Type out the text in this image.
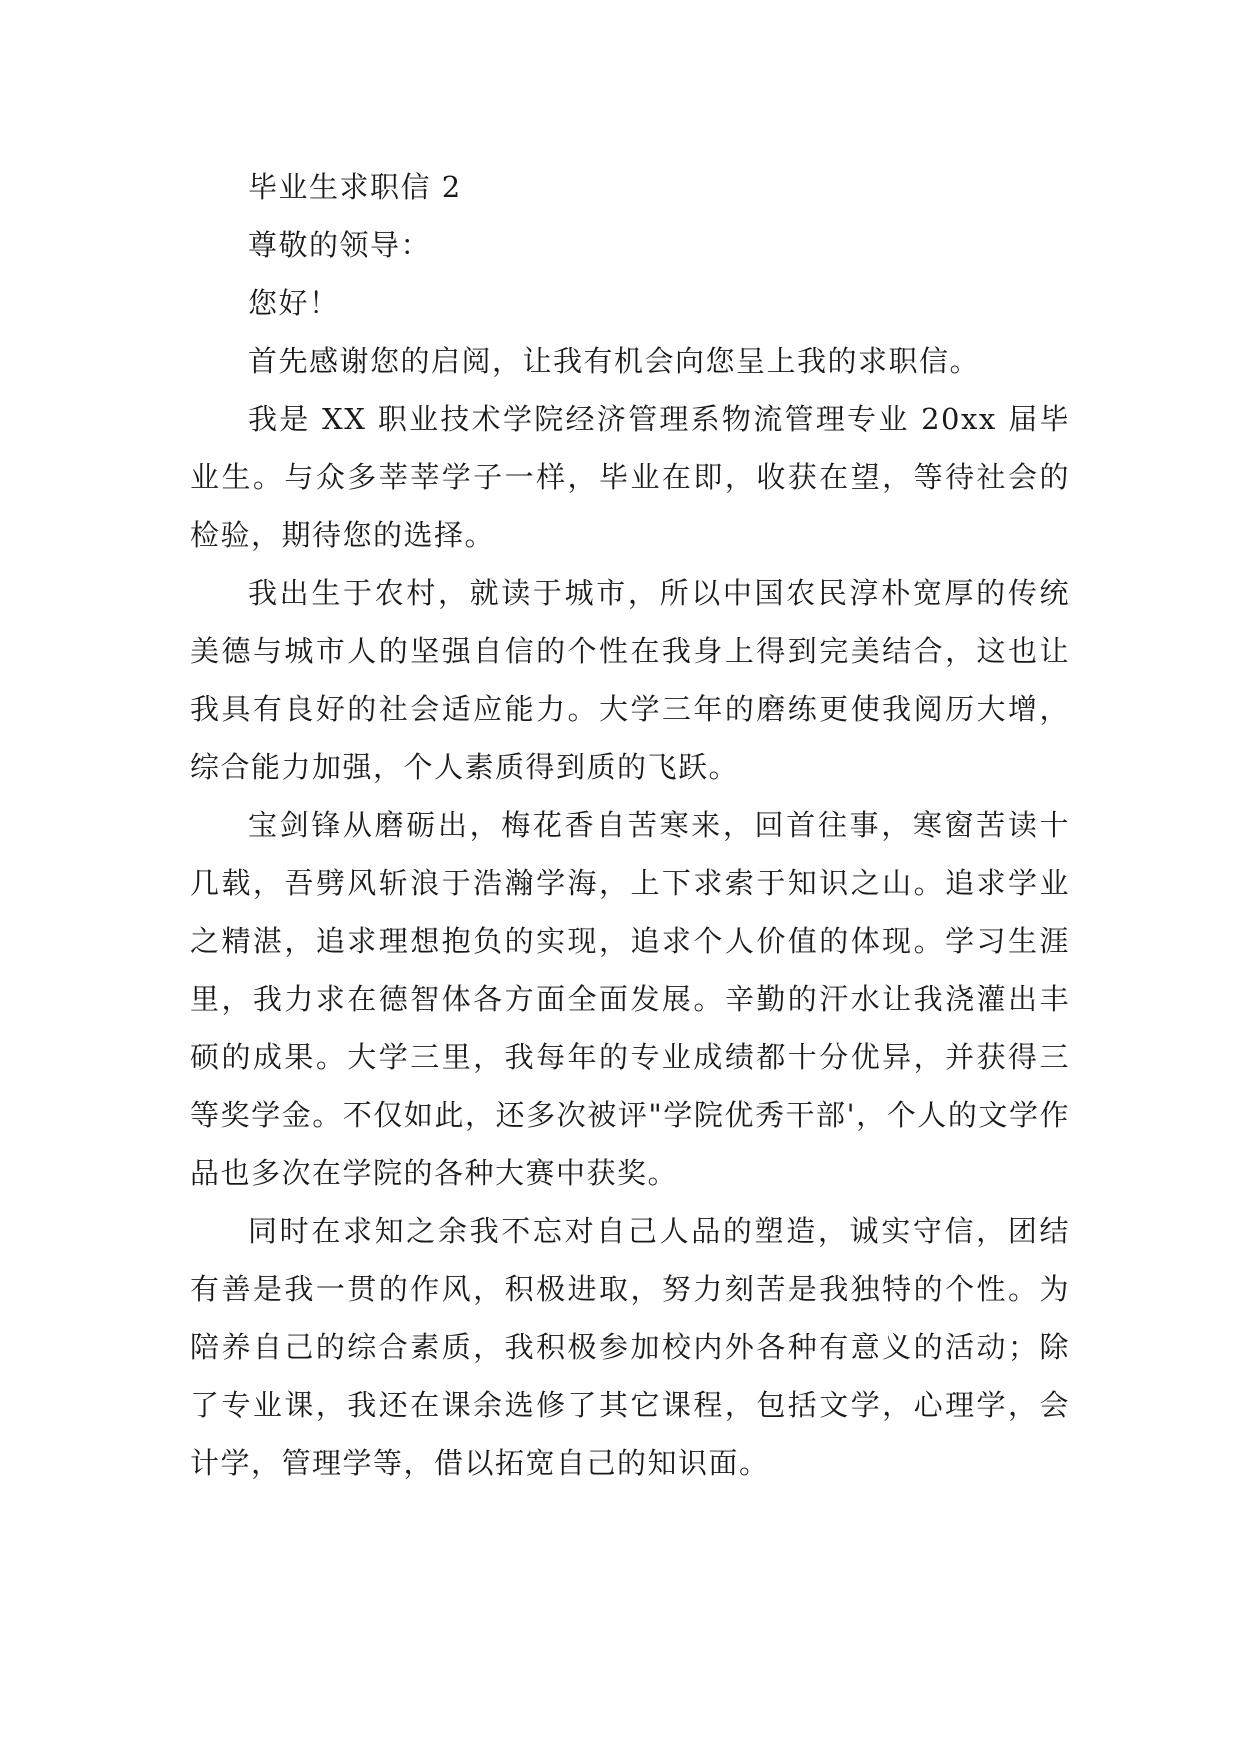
毕业生求职信 2

尊敬的领导：

您好！

首先感谢您的启阅，让我有机会向您呈上我的求职信。

我是 XX 职业技术学院经济管理系物流管理专业 20xx 届毕业生。与众多莘莘学子一样，毕业在即，收获在望，等待社会的检验，期待您的选择。

我出生于农村，就读于城市，所以中国农民淳朴宽厚的传统美德与城市人的坚强自信的个性在我身上得到完美结合，这也让我具有良好的社会适应能力。大学三年的磨练更使我阅历大增，综合能力加强，个人素质得到质的飞跃。

宝剑锋从磨砺出，梅花香自苦寒来，回首往事，寒窗苦读十几载，吾劈风斩浪于浩瀚学海，上下求索于知识之山。追求学业之精湛，追求理想抱负的实现，追求个人价值的体现。学习生涯里，我力求在德智体各方面全面发展。辛勤的汗水让我浇灌出丰硕的成果。大学三里，我每年的专业成绩都十分优异，并获得三等奖学金。不仅如此，还多次被评"学院优秀干部'，个人的文学作品也多次在学院的各种大赛中获奖。

同时在求知之余我不忘对自己人品的塑造，诚实守信，团结有善是我一贯的作风，积极进取，努力刻苦是我独特的个性。为陪养自己的综合素质，我积极参加校内外各种有意义的活动；除了专业课，我还在课余选修了其它课程，包括文学，心理学，会计学，管理学等，借以拓宽自己的知识面。
